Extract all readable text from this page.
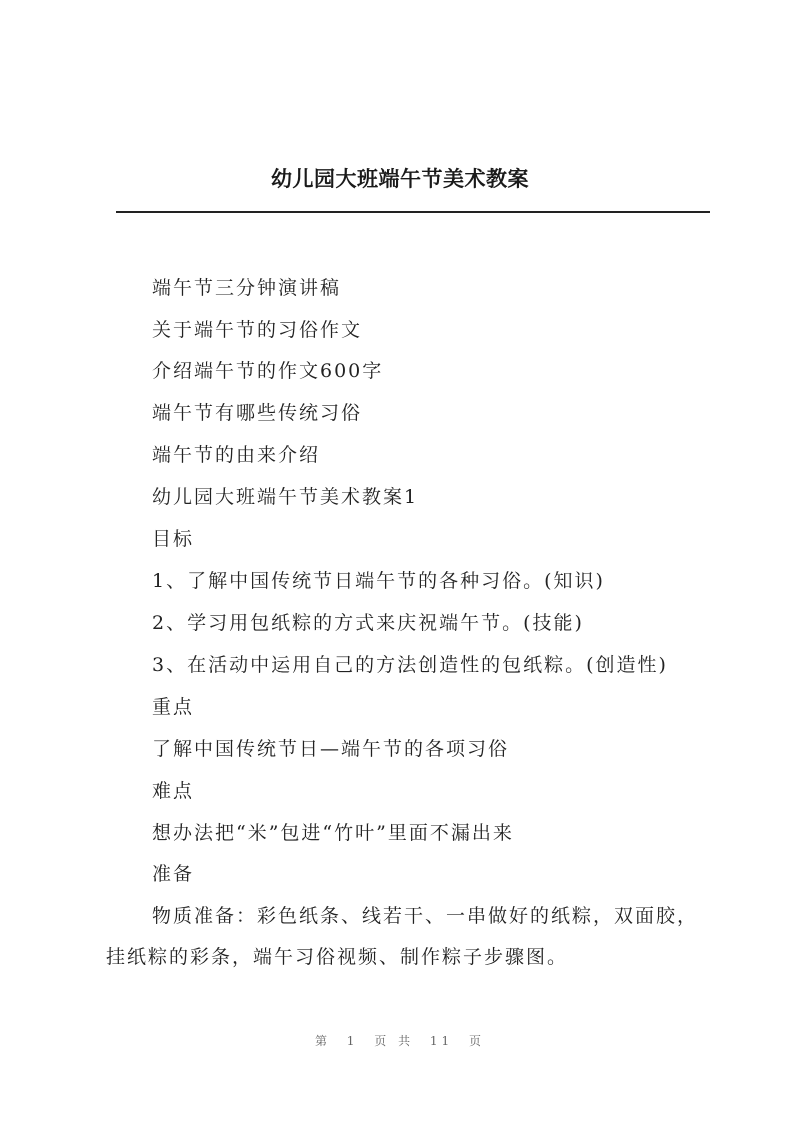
幼儿园大班端午节美术教案
端午节三分钟演讲稿
关于端午节的习俗作文
介绍端午节的作文600字
端午节有哪些传统习俗
端午节的由来介绍
幼儿园大班端午节美术教案1
目标
1、了解中国传统节日端午节的各种习俗。(知识)
2、学习用包纸粽的方式来庆祝端午节。(技能)
3、在活动中运用自己的方法创造性的包纸粽。(创造性)
重点
了解中国传统节日—端午节的各项习俗
难点
想办法把“米”包进“竹叶”里面不漏出来
准备
物质准备：彩色纸条、线若干、一串做好的纸粽，双面胶，
挂纸粽的彩条，端午习俗视频、制作粽子步骤图。
第 1 页 共 11 页
